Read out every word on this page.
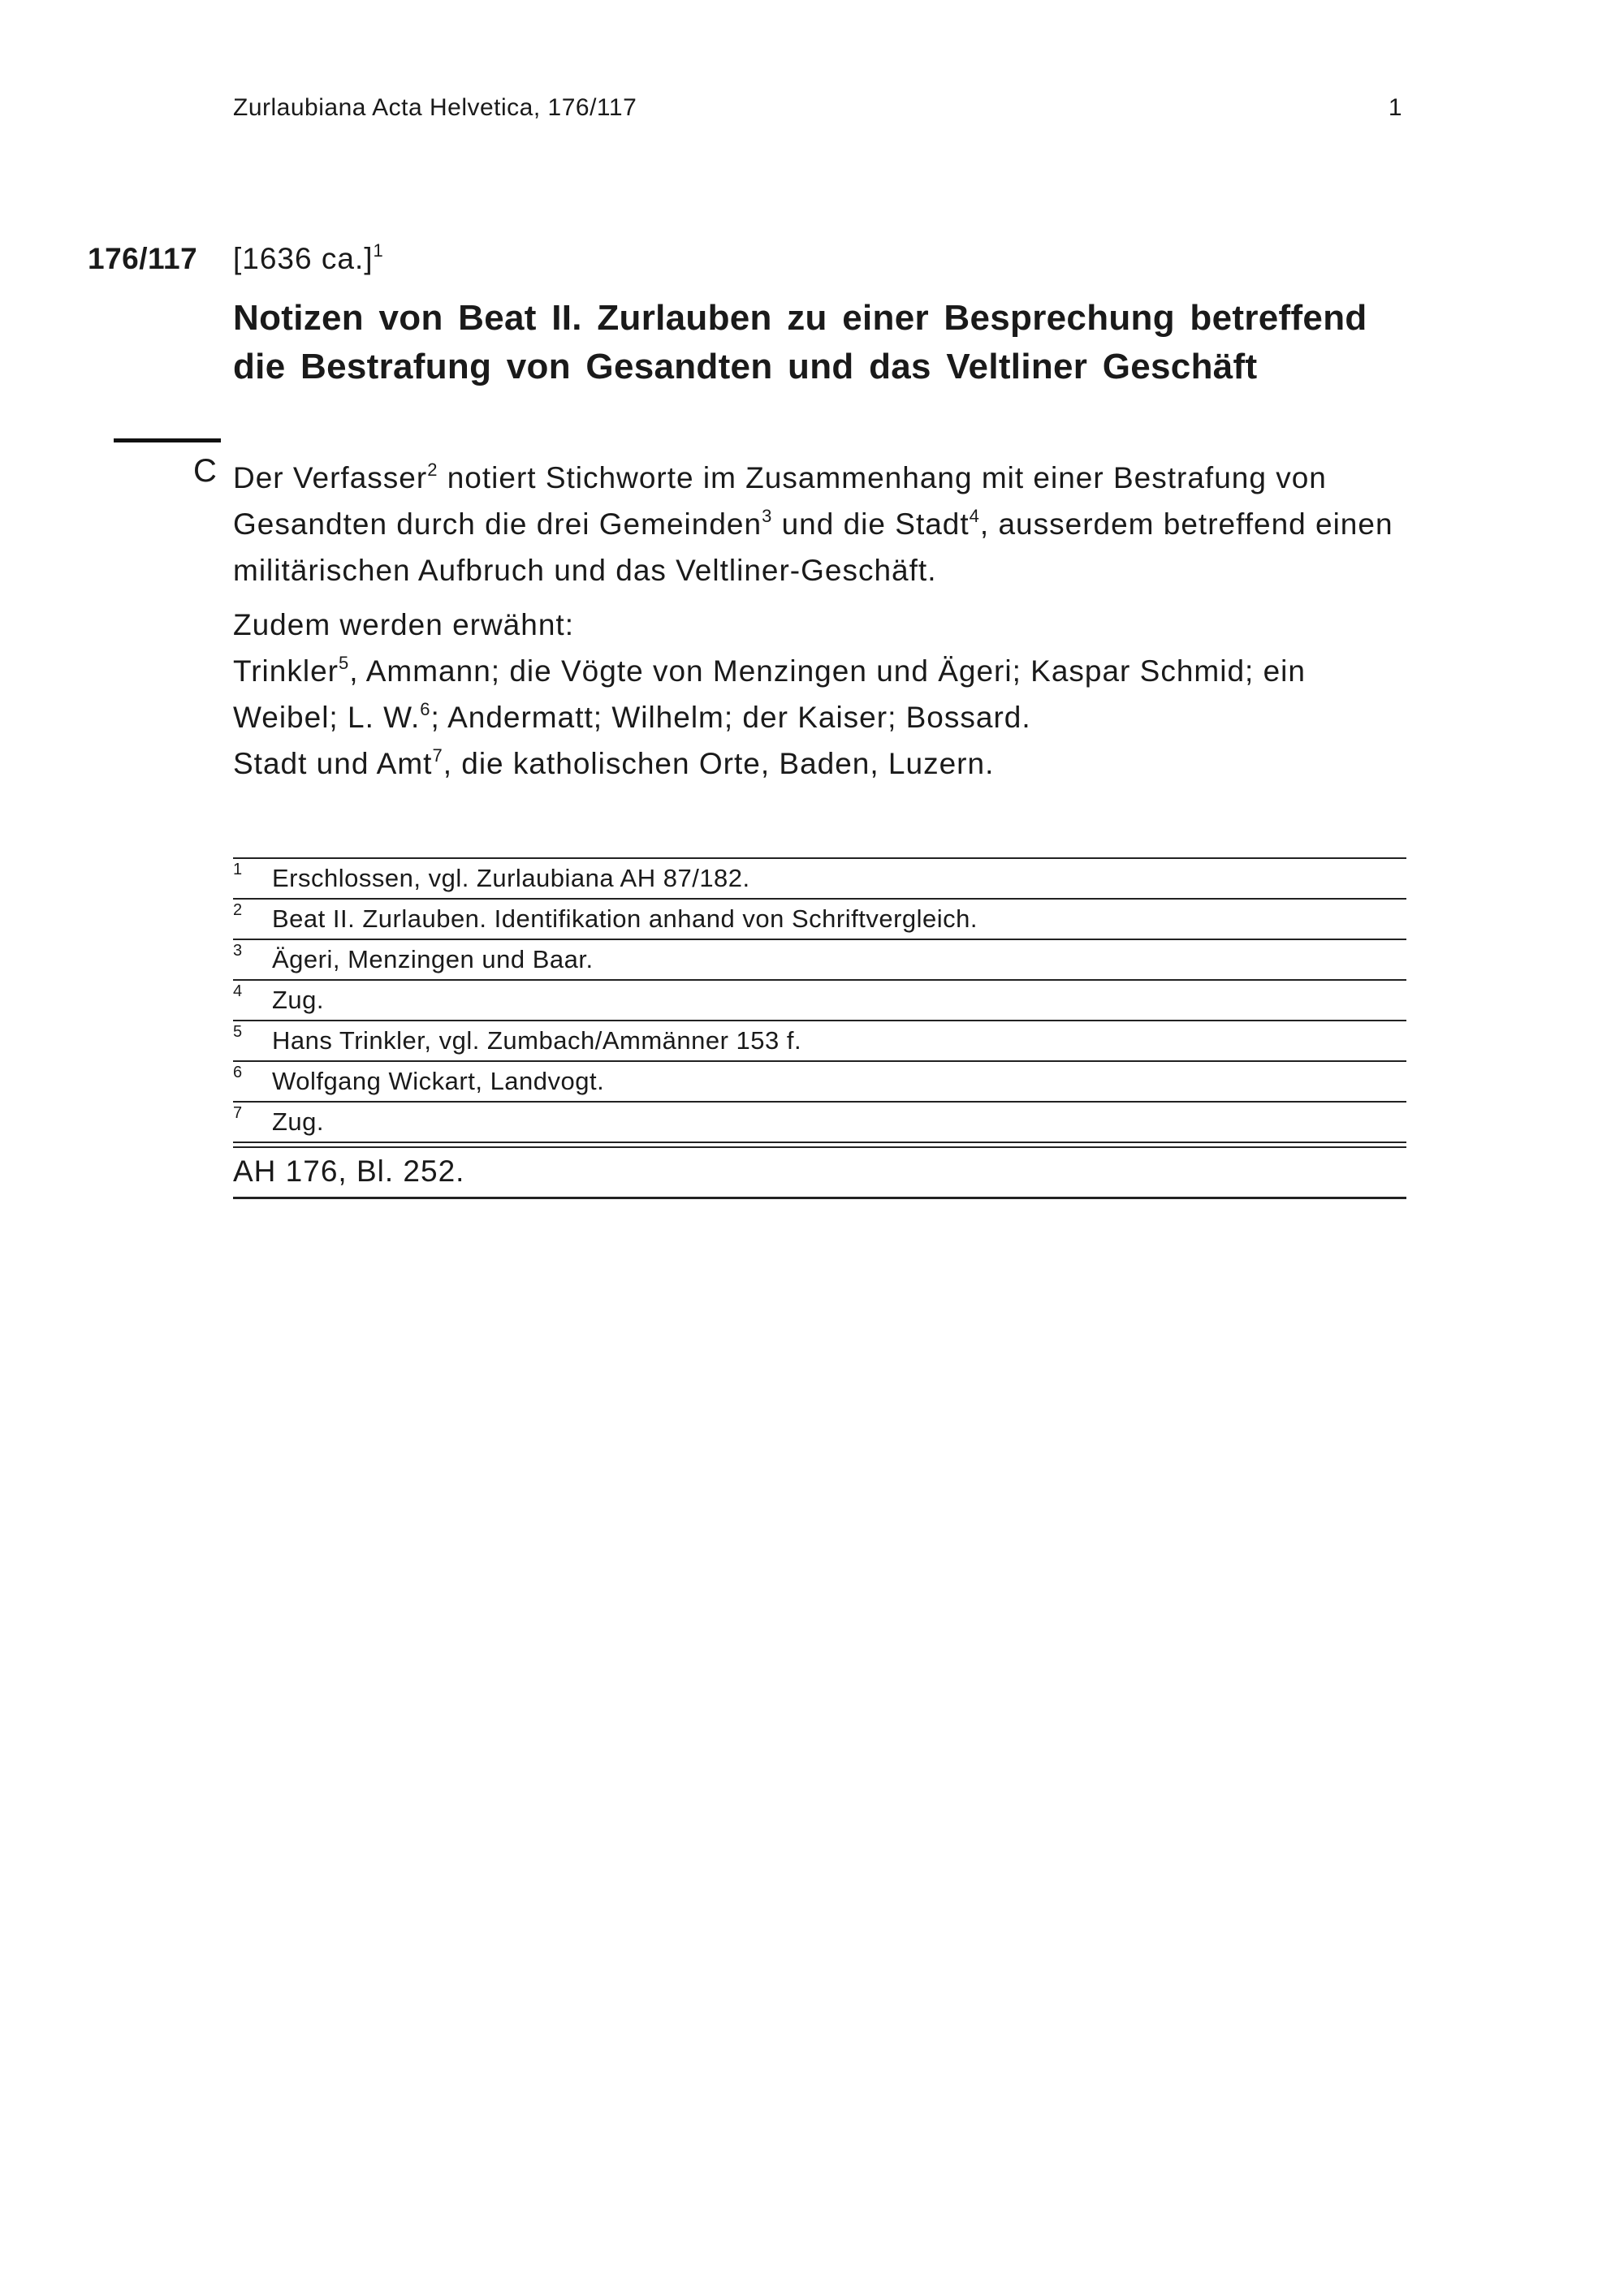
Zurlaubiana Acta Helvetica, 176/117	1
176/117 [1636 ca.]$^1$
Notizen von Beat II. Zurlauben zu einer Besprechung betreffend die Bestrafung von Gesandten und das Veltliner Geschäft
C Der Verfasser$^2$ notiert Stichworte im Zusammenhang mit einer Bestrafung von Gesandten durch die drei Gemeinden$^3$ und die Stadt$^4$, ausserdem betreffend einen militärischen Aufbruch und das Veltliner-Geschäft.

Zudem werden erwähnt:
Trinkler$^5$, Ammann; die Vögte von Menzingen und Ägeri; Kaspar Schmid; ein Weibel; L. W.$^6$; Andermatt; Wilhelm; der Kaiser; Bossard.
Stadt und Amt$^7$, die katholischen Orte, Baden, Luzern.

1 Erschlossen, vgl. Zurlaubiana AH 87/182.
2 Beat II. Zurlauben. Identifikation anhand von Schriftvergleich.
3 Ägeri, Menzingen und Baar.
4 Zug.
5 Hans Trinkler, vgl. Zumbach/Ammänner 153 f.
6 Wolfgang Wickart, Landvogt.
7 Zug.
AH 176, Bl. 252.
